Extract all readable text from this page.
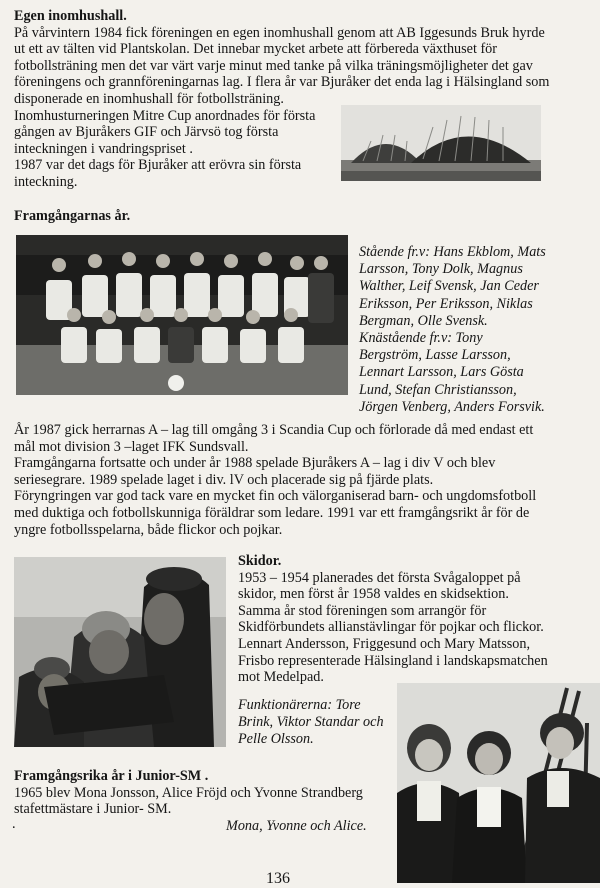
Egen inomhushall.
På vårvintern 1984 fick föreningen en egen inomhushall genom att AB Iggesunds Bruk hyrde
ut ett av tälten vid Plantskolan. Det innebar mycket arbete att förbereda växthuset för
fotbollsträning men det var värt varje minut med tanke på vilka träningsmöjligheter det gav
föreningens och grannföreningarnas lag. I flera år var Bjuråker det enda lag i Hälsingland som
disponerade en inomhushall för fotbollsträning.
Inomhusturneringen Mitre Cup anordnades för första
gången av Bjuråkers GIF och Järvsö tog första
inteckningen i vandringspriset .
1987 var det dags för Bjuråker att erövra sin första
inteckning.
Framgångarnas år.
Stående fr.v: Hans Ekblom, Mats
Larsson, Tony Dolk, Magnus
Walther, Leif Svensk, Jan Ceder
Eriksson, Per Eriksson, Niklas
Bergman, Olle Svensk.
Knästående fr.v: Tony
Bergström, Lasse Larsson,
Lennart Larsson, Lars Gösta
Lund, Stefan Christiansson,
Jörgen Venberg, Anders Forsvik.
År 1987 gick herrarnas A – lag till omgång 3 i Scandia Cup och förlorade då med endast ett
mål mot division 3 –laget IFK Sundsvall.
Framgångarna fortsatte och under år 1988 spelade Bjuråkers A – lag i div V och blev
seriesegrare. 1989 spelade laget i div. lV och placerade sig på fjärde plats.
Föryngringen var god tack vare en mycket fin och välorganiserad barn- och ungdomsfotboll
med duktiga och fotbollskunniga föräldrar som ledare. 1991 var ett framgångsrikt år för de
yngre fotbollsspelarna, både flickor och pojkar.
Skidor.
1953 – 1954 planerades det första Svågaloppet på
skidor, men först år 1958 valdes en skidsektion.
Samma år stod föreningen som arrangör för
Skidförbundets allianstävlingar för pojkar och flickor.
Lennart Andersson, Friggesund och Mary Matsson,
Frisbo representerade Hälsingland i landskapsmatchen
mot Medelpad.
Funktionärerna: Tore
Brink, Viktor Standar och
Pelle Olsson.
Framgångsrika år i Junior-SM .
1965 blev Mona Jonsson, Alice Fröjd och Yvonne Strandberg
stafettmästare i Junior- SM.
.	Mona, Yvonne och Alice.
136
